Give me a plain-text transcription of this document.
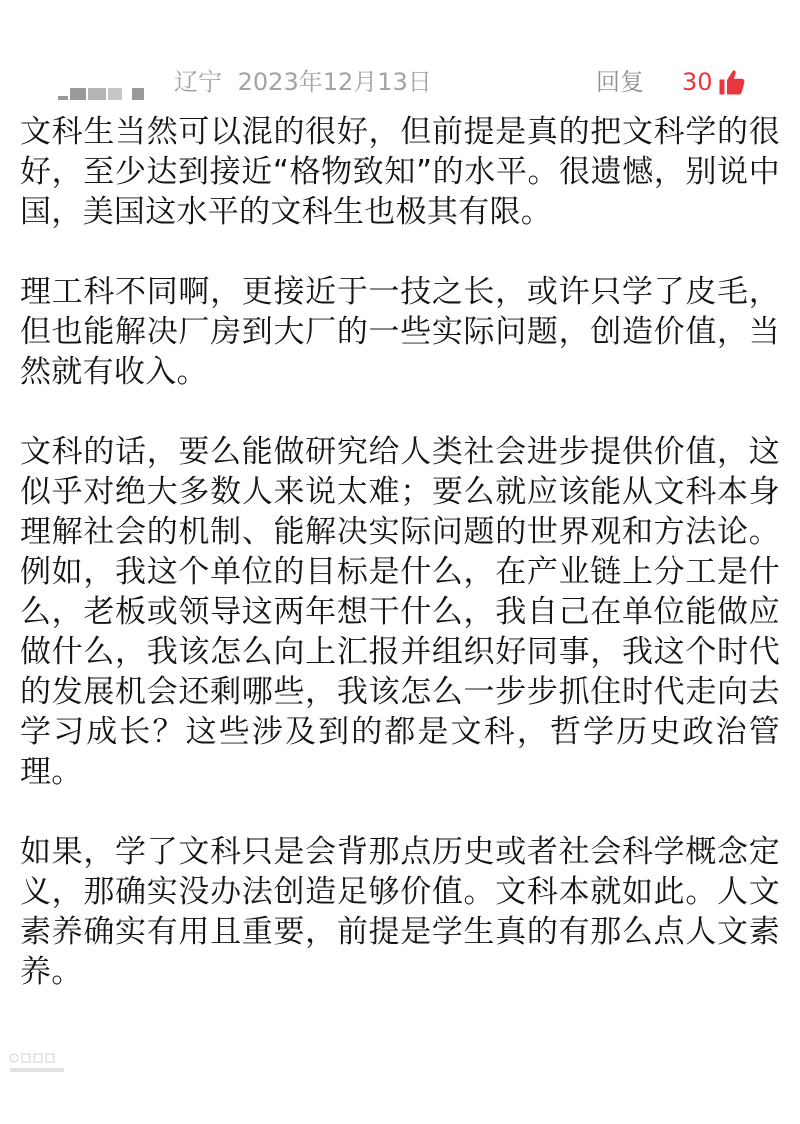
辽宁 2023年12月13日	回复 30

文科生当然可以混的很好，但前提是真的把文科学的很好，至少达到接近“格物致知”的水平。很遗憾，别说中国，美国这水平的文科生也极其有限。

理工科不同啊，更接近于一技之长，或许只学了皮毛，但也能解决厂房到大厂的一些实际问题，创造价值，当然就有收入。

文科的话，要么能做研究给人类社会进步提供价值，这似乎对绝大多数人来说太难；要么就应该能从文科本身理解社会的机制、能解决实际问题的世界观和方法论。例如，我这个单位的目标是什么，在产业链上分工是什么，老板或领导这两年想干什么，我自己在单位能做应做什么，我该怎么向上汇报并组织好同事，我这个时代的发展机会还剩哪些，我该怎么一步步抓住时代走向去学习成长？这些涉及到的都是文科，哲学历史政治管理。

如果，学了文科只是会背那点历史或者社会科学概念定义，那确实没办法创造足够价值。文科本就如此。人文素养确实有用且重要，前提是学生真的有那么点人文素养。
